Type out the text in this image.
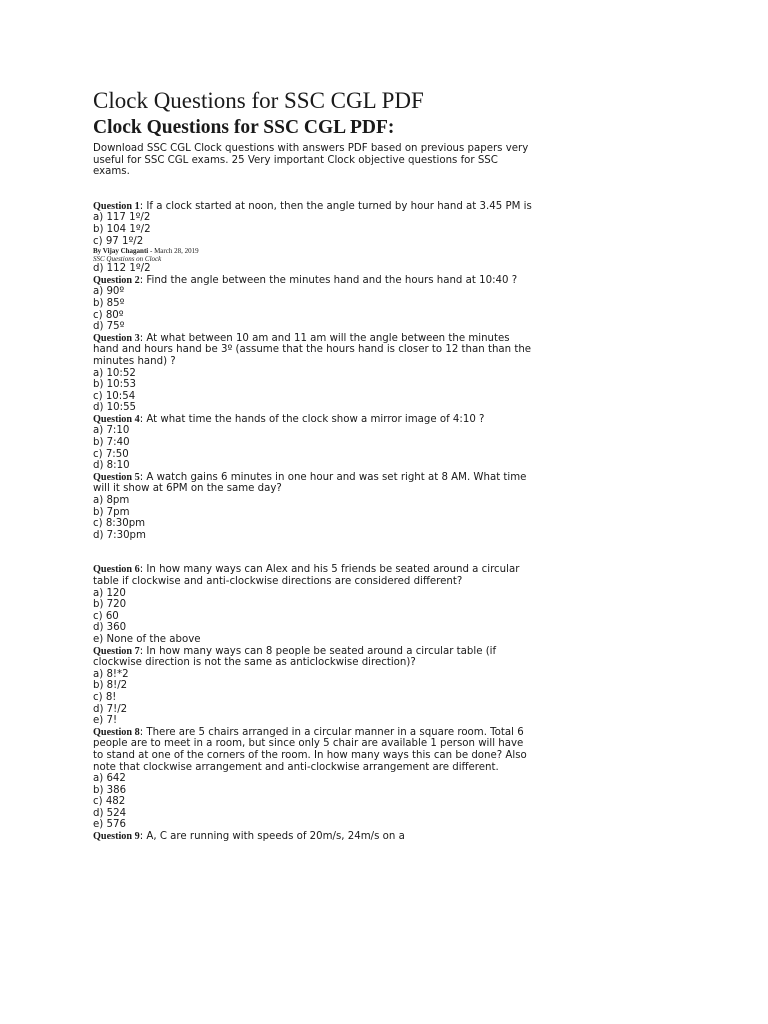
Clock Questions for SSC CGL PDF
Clock Questions for SSC CGL PDF:
Download SSC CGL Clock questions with answers PDF based on previous papers very useful for SSC CGL exams. 25 Very important Clock objective questions for SSC exams.
Question 1: If a clock started at noon, then the angle turned by hour hand at 3.45 PM is
a) 117 1º/2
b) 104 1º/2
c) 97 1º/2
By Vijay Chaganti - March 28, 2019
SSC Questions on Clock
d) 112 1º/2
Question 2: Find the angle between the minutes hand and the hours hand at 10:40 ?
a) 90º
b) 85º
c) 80º
d) 75º
Question 3: At what between 10 am and 11 am will the angle between the minutes hand and hours hand be 3º (assume that the hours hand is closer to 12 than than the minutes hand) ?
a) 10:52
b) 10:53
c) 10:54
d) 10:55
Question 4: At what time the hands of the clock show a mirror image of 4:10 ?
a) 7:10
b) 7:40
c) 7:50
d) 8:10
Question 5: A watch gains 6 minutes in one hour and was set right at 8 AM. What time will it show at 6PM on the same day?
a) 8pm
b) 7pm
c) 8:30pm
d) 7:30pm
Question 6: In how many ways can Alex and his 5 friends be seated around a circular table if clockwise and anti-clockwise directions are considered different?
a) 120
b) 720
c) 60
d) 360
e) None of the above
Question 7: In how many ways can 8 people be seated around a circular table (if clockwise direction is not the same as anticlockwise direction)?
a) 8!*2
b) 8!/2
c) 8!
d) 7!/2
e) 7!
Question 8: There are 5 chairs arranged in a circular manner in a square room. Total 6 people are to meet in a room, but since only 5 chair are available 1 person will have to stand at one of the corners of the room. In how many ways this can be done? Also note that clockwise arrangement and anti-clockwise arrangement are different.
a) 642
b) 386
c) 482
d) 524
e) 576
Question 9: A, C are running with speeds of 20m/s, 24m/s on a
